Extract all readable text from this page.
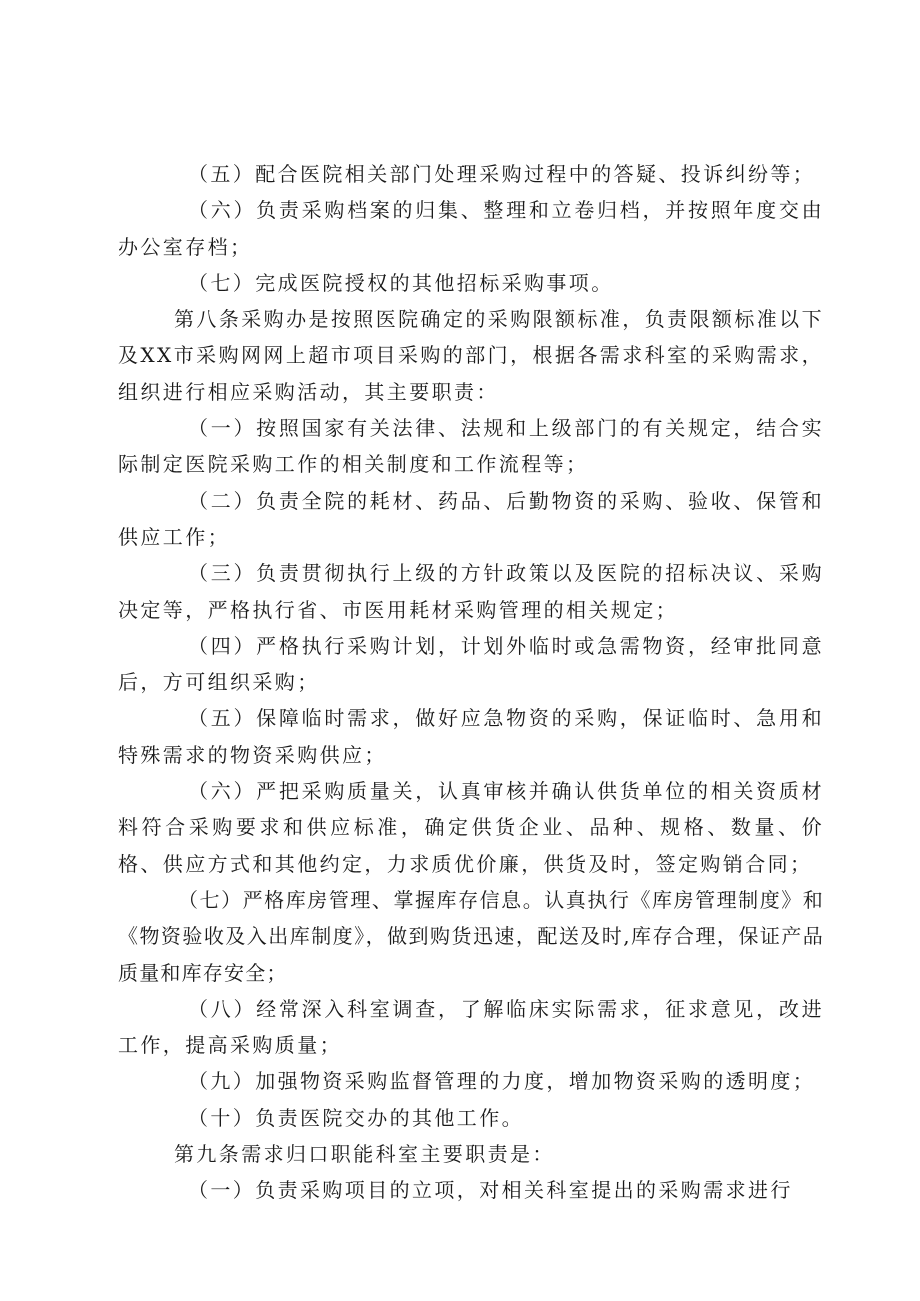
（五）配合医院相关部门处理采购过程中的答疑、投诉纠纷等；

（六）负责采购档案的归集、整理和立卷归档，并按照年度交由办公室存档；

（七）完成医院授权的其他招标采购事项。

第八条采购办是按照医院确定的采购限额标准，负责限额标准以下及XX市采购网网上超市项目采购的部门，根据各需求科室的采购需求，组织进行相应采购活动，其主要职责：

（一）按照国家有关法律、法规和上级部门的有关规定，结合实际制定医院采购工作的相关制度和工作流程等；

（二）负责全院的耗材、药品、后勤物资的采购、验收、保管和供应工作；

（三）负责贯彻执行上级的方针政策以及医院的招标决议、采购决定等，严格执行省、市医用耗材采购管理的相关规定；

（四）严格执行采购计划，计划外临时或急需物资，经审批同意后，方可组织采购；

（五）保障临时需求，做好应急物资的采购，保证临时、急用和特殊需求的物资采购供应；

（六）严把采购质量关，认真审核并确认供货单位的相关资质材料符合采购要求和供应标准，确定供货企业、品种、规格、数量、价格、供应方式和其他约定，力求质优价廉，供货及时，签定购销合同；

（七）严格库房管理、掌握库存信息。认真执行《库房管理制度》和《物资验收及入出库制度》，做到购货迅速，配送及时,库存合理，保证产品质量和库存安全；

（八）经常深入科室调查，了解临床实际需求，征求意见，改进工作，提高采购质量；

（九）加强物资采购监督管理的力度，增加物资采购的透明度；

（十）负责医院交办的其他工作。

第九条需求归口职能科室主要职责是：

（一）负责采购项目的立项，对相关科室提出的采购需求进行
